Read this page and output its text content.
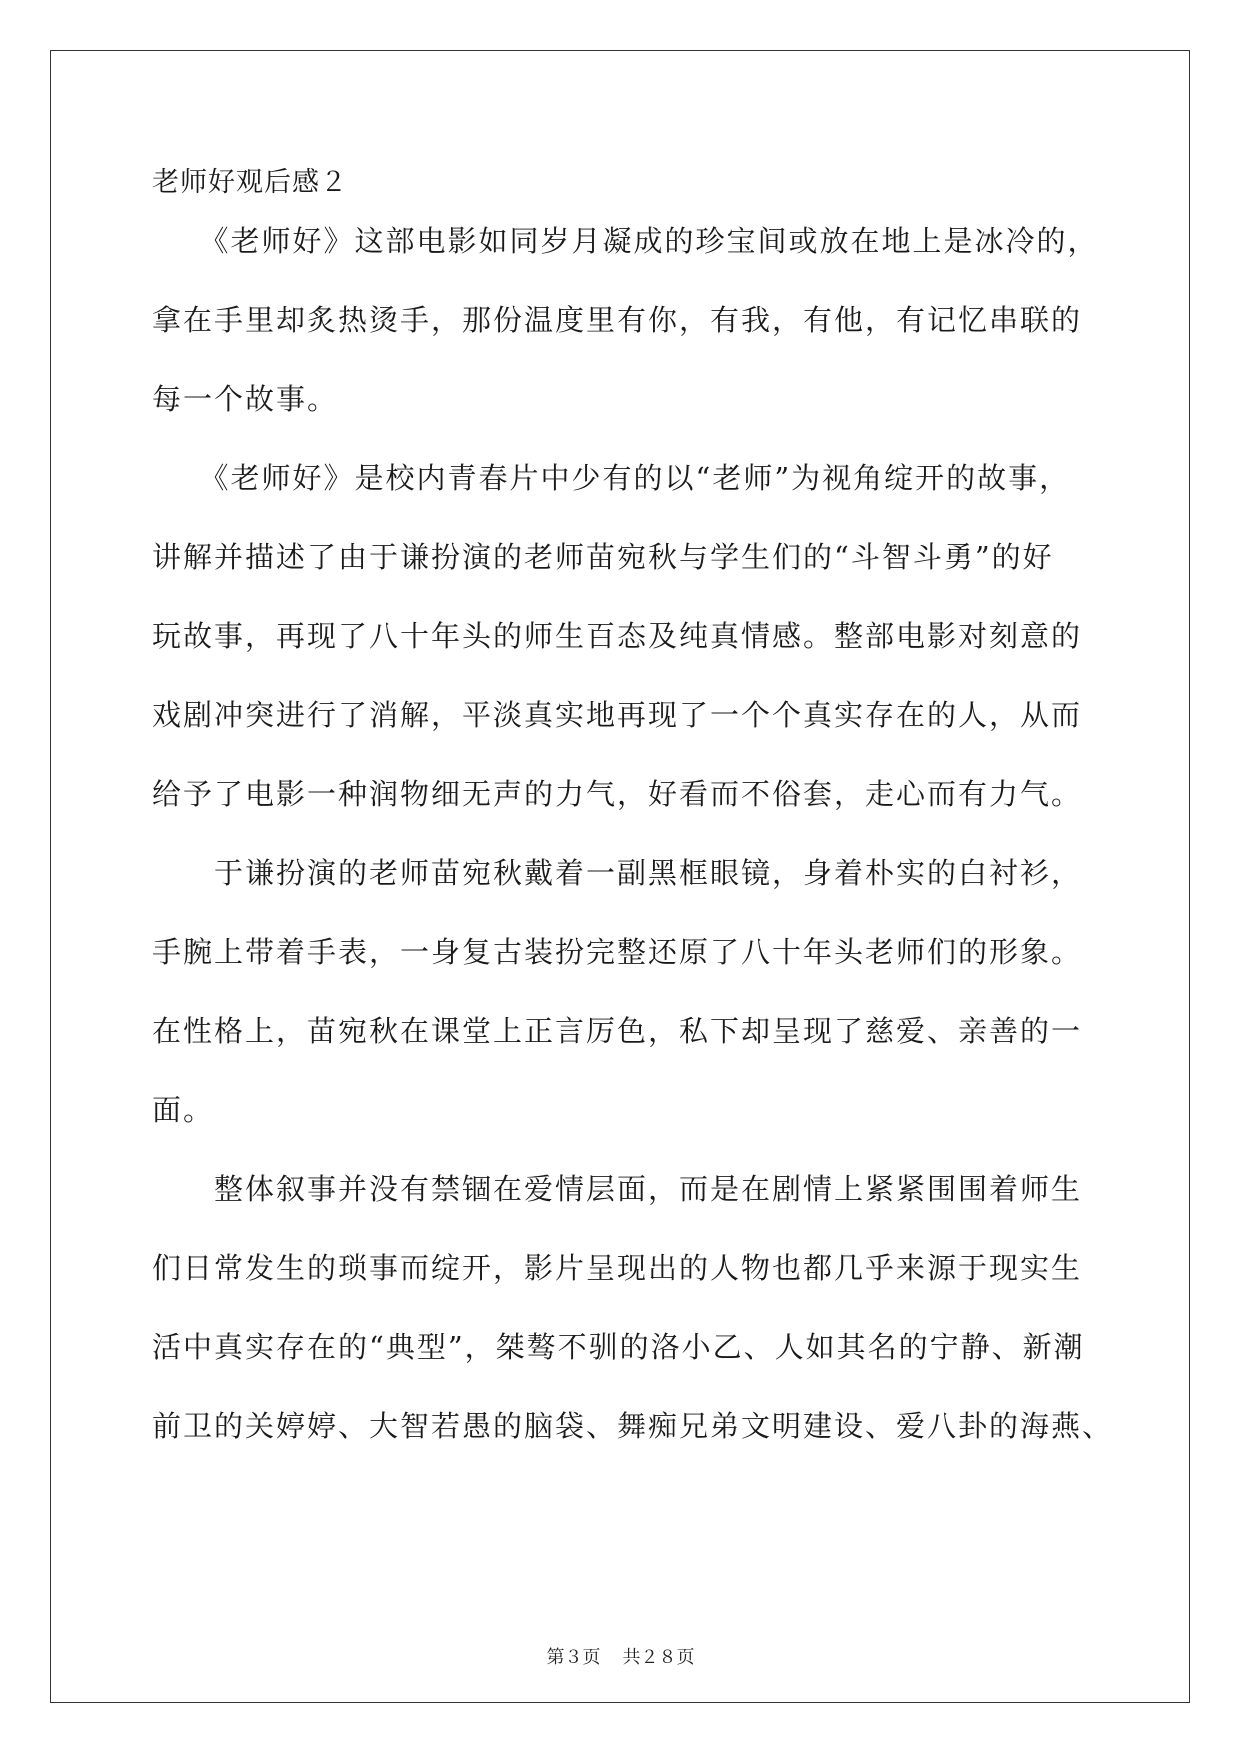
老师好观后感２
　　《老师好》这部电影如同岁月凝成的珍宝间或放在地上是冰冷的，
拿在手里却炙热烫手，那份温度里有你，有我，有他，有记忆串联的
每一个故事。
　　《老师好》是校内青春片中少有的以“老师”为视角绽开的故事，
讲解并描述了由于谦扮演的老师苗宛秋与学生们的“斗智斗勇”的好
玩故事，再现了八十年头的师生百态及纯真情感。整部电影对刻意的
戏剧冲突进行了消解，平淡真实地再现了一个个真实存在的人，从而
给予了电影一种润物细无声的力气，好看而不俗套，走心而有力气。
　　于谦扮演的老师苗宛秋戴着一副黑框眼镜，身着朴实的白衬衫，
手腕上带着手表，一身复古装扮完整还原了八十年头老师们的形象。
在性格上，苗宛秋在课堂上正言厉色，私下却呈现了慈爱、亲善的一
面。
　　整体叙事并没有禁锢在爱情层面，而是在剧情上紧紧围围着师生
们日常发生的琐事而绽开，影片呈现出的人物也都几乎来源于现实生
活中真实存在的“典型”，桀骜不驯的洛小乙、人如其名的宁静、新潮
前卫的关婷婷、大智若愚的脑袋、舞痴兄弟文明建设、爱八卦的海燕、
第３页 共２８页
